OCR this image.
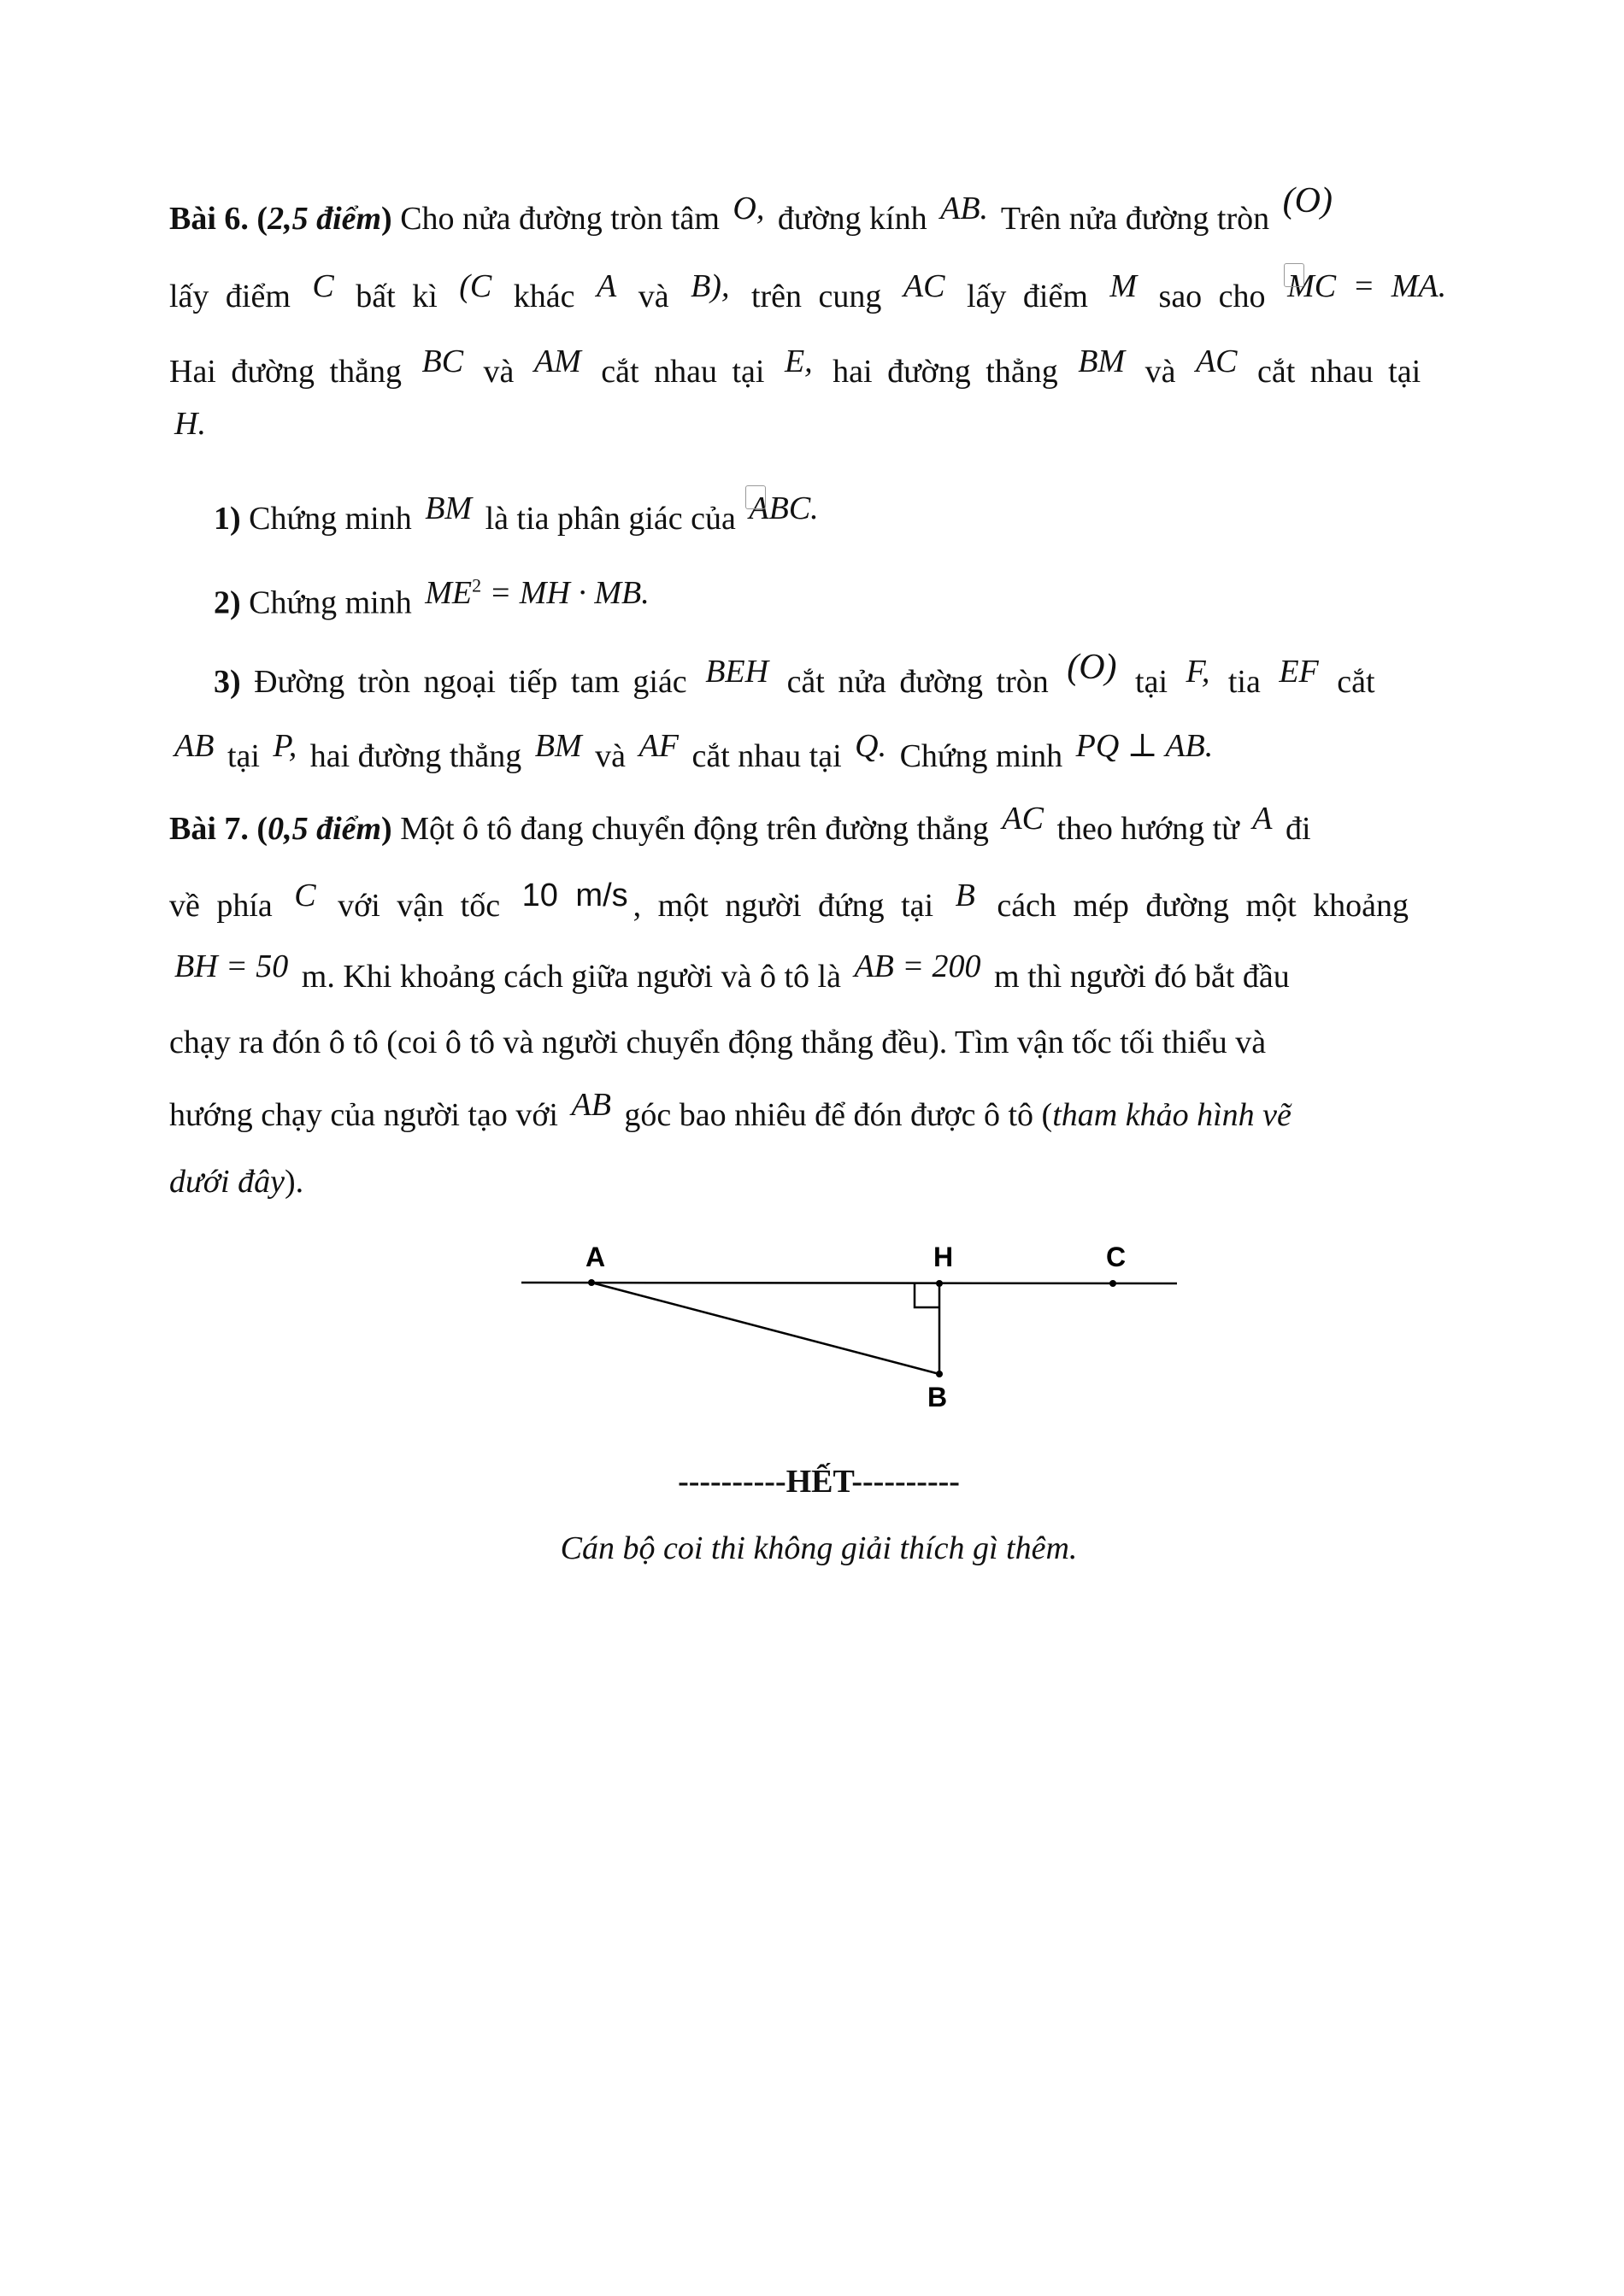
Bài 6. (2,5 điểm) Cho nửa đường tròn tâm O, đường kính AB. Trên nửa đường tròn (O)
lấy điểm C bất kì (C khác A và B), trên cung AC lấy điểm M sao cho MC = MA.
Hai đường thẳng BC và AM cắt nhau tại E, hai đường thẳng BM và AC cắt nhau tại
H.
1) Chứng minh BM là tia phân giác của ABC.
2) Chứng minh $ME^2$ = MH · MB.
3) Đường tròn ngoại tiếp tam giác BEH cắt nửa đường tròn (O) tại F, tia EF cắt
AB tại P, hai đường thẳng BM và AF cắt nhau tại Q. Chứng minh PQ ⊥ AB.
Bài 7. (0,5 điểm) Một ô tô đang chuyển động trên đường thẳng AC theo hướng từ A đi
về phía C với vận tốc 10 m/s , một người đứng tại B cách mép đường một khoảng
BH = 50 m. Khi khoảng cách giữa người và ô tô là AB = 200 m thì người đó bắt đầu
chạy ra đón ô tô (coi ô tô và người chuyển động thẳng đều). Tìm vận tốc tối thiểu và
hướng chạy của người tạo với AB góc bao nhiêu để đón được ô tô (tham khảo hình vẽ
dưới đây).
A	H	C
B
----------HẾT----------
Cán bộ coi thi không giải thích gì thêm.
